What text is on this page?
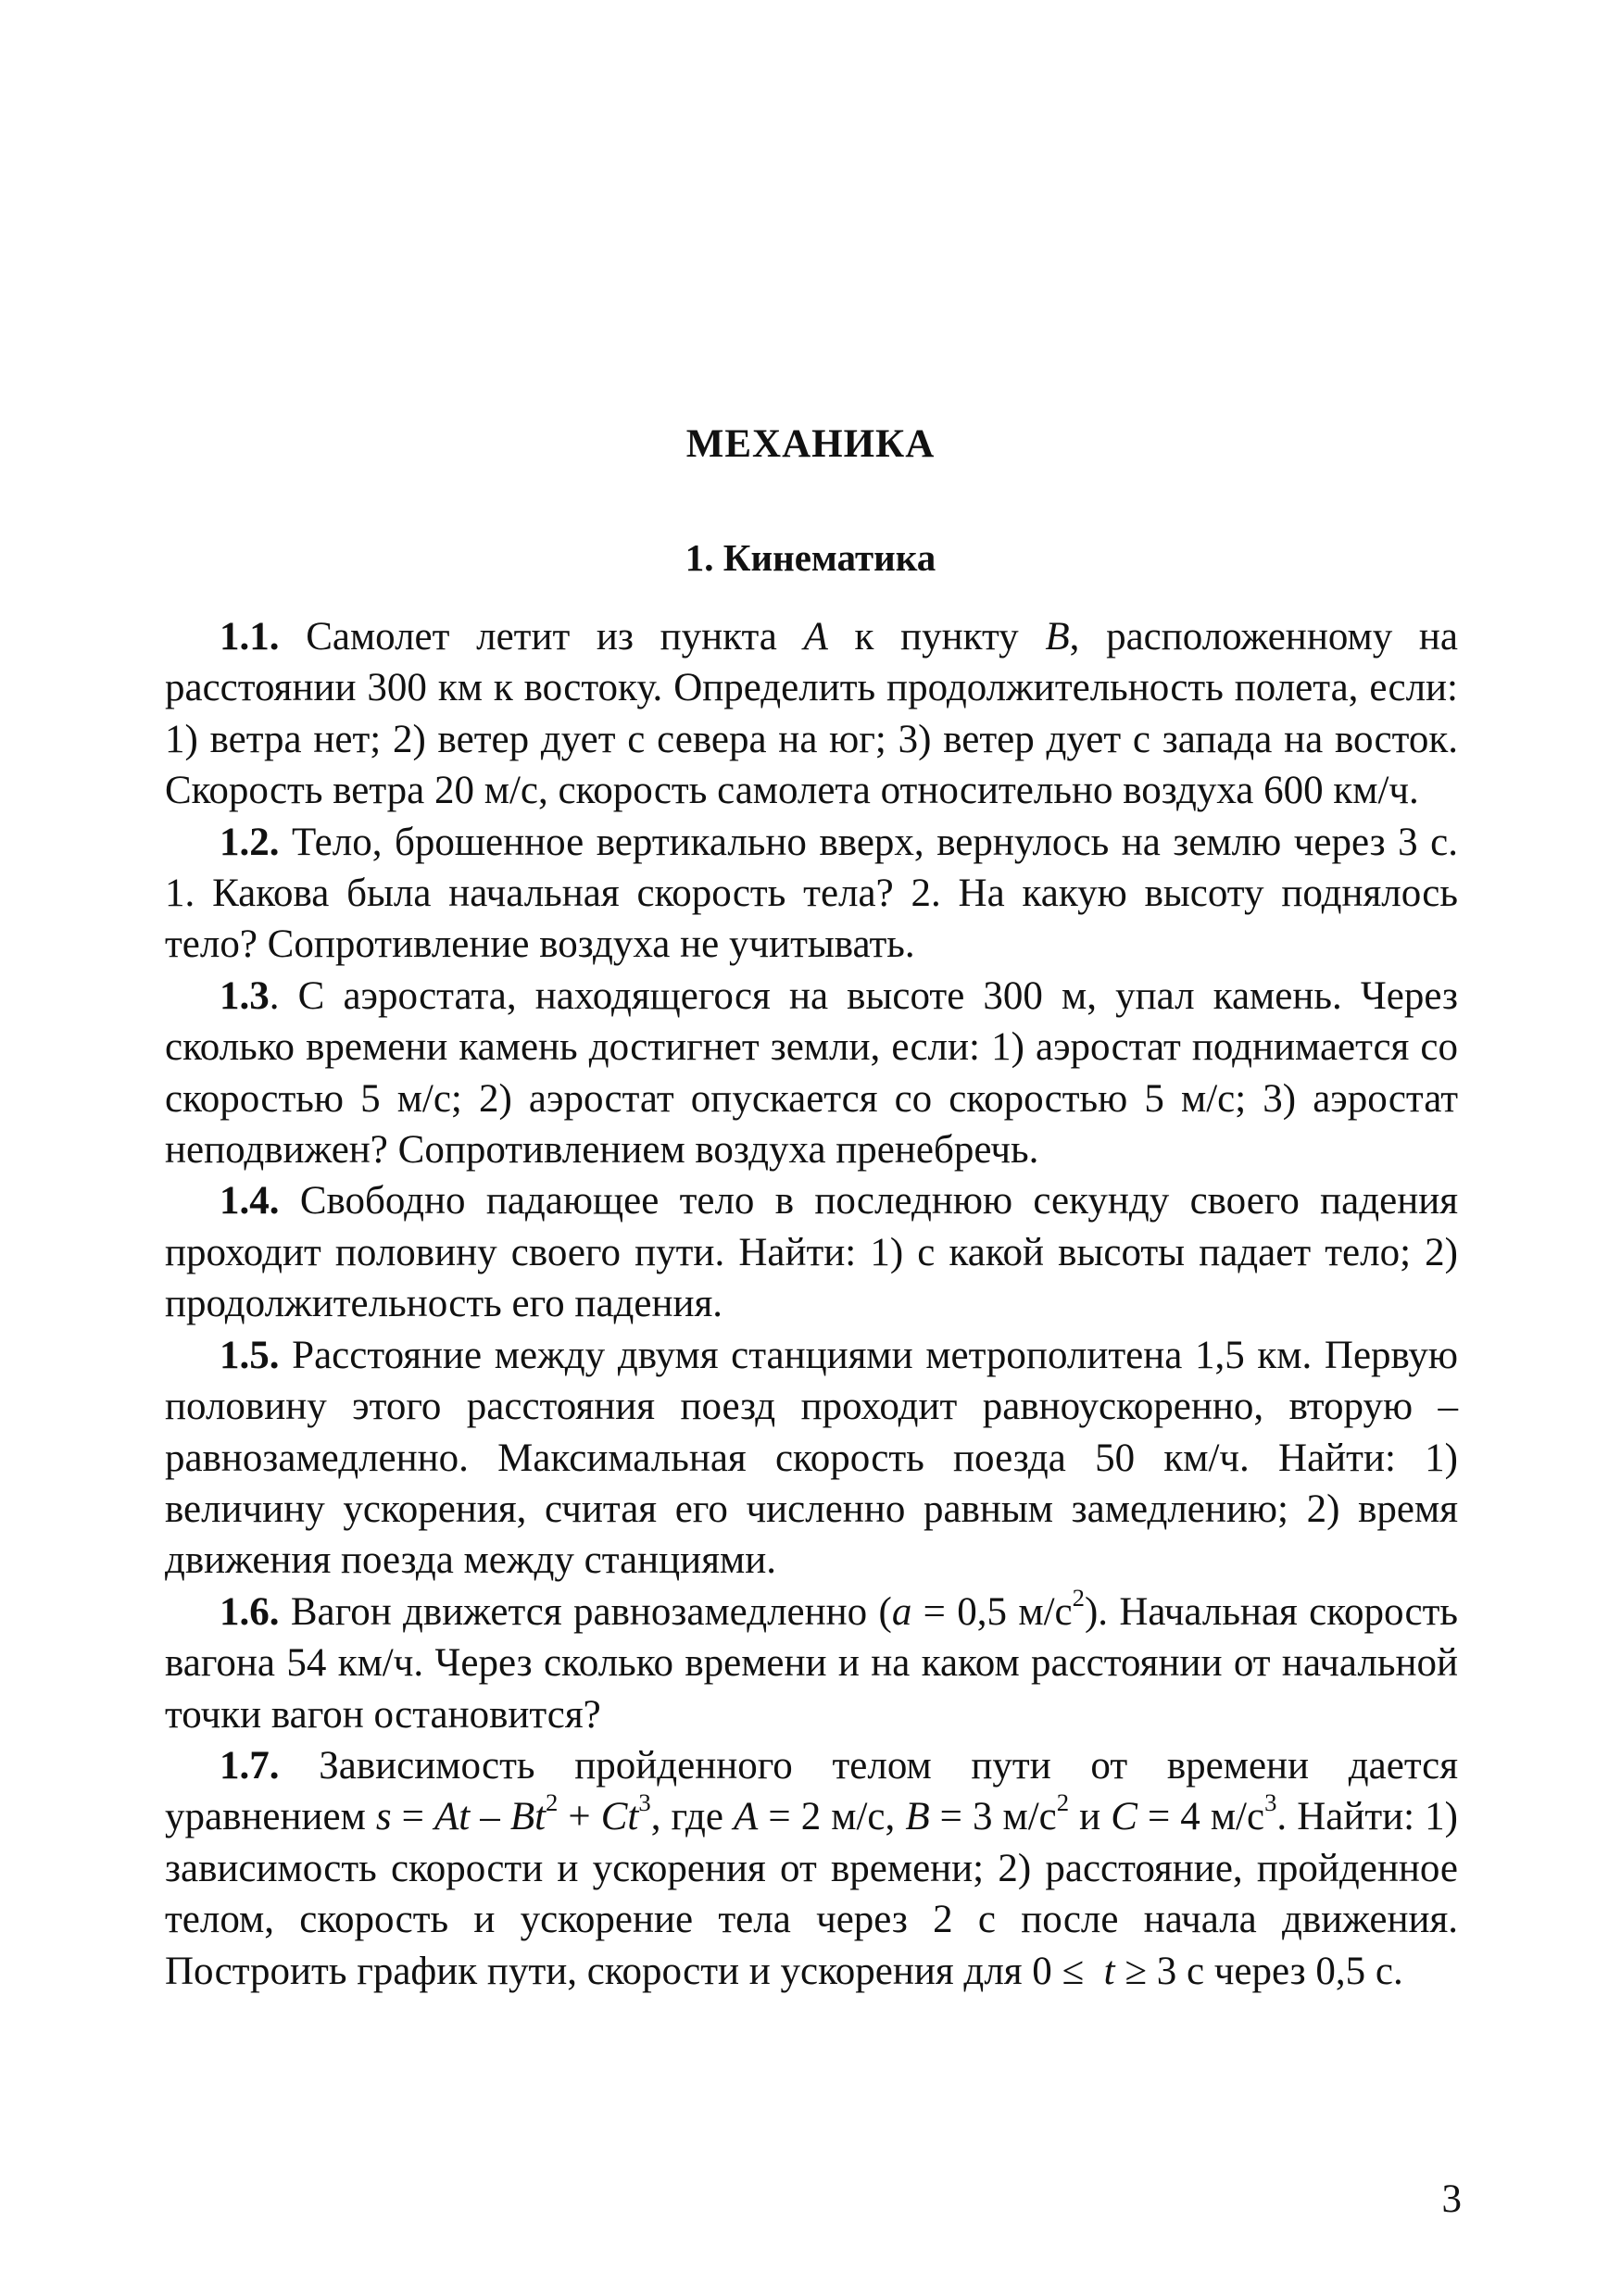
МЕХАНИКА
1. Кинематика

1.1. Самолет летит из пункта A к пункту B, расположенному на расстоянии 300 км к востоку. Определить продолжительность полета, если: 1) ветра нет; 2) ветер дует с севера на юг; 3) ветер дует с запада на восток. Скорость ветра 20 м/с, скорость самолета относительно воздуха 600 км/ч.

1.2. Тело, брошенное вертикально вверх, вернулось на землю через 3 с. 1. Какова была начальная скорость тела? 2. На какую высоту поднялось тело? Сопротивление воздуха не учитывать.

1.3. С аэростата, находящегося на высоте 300 м, упал камень. Через сколько времени камень достигнет земли, если: 1) аэростат поднимается со скоростью 5 м/с; 2) аэростат опускается со скоростью 5 м/с; 3) аэростат неподвижен? Сопротивлением воздуха пренебречь.

1.4. Свободно падающее тело в последнюю секунду своего падения проходит половину своего пути. Найти: 1) с какой высоты падает тело; 2) продолжительность его падения.

1.5. Расстояние между двумя станциями метрополитена 1,5 км. Первую половину этого расстояния поезд проходит равноускоренно, вторую – равнозамедленно. Максимальная скорость поезда 50 км/ч. Найти: 1) величину ускорения, считая его численно равным замедлению; 2) время движения поезда между станциями.

1.6. Вагон движется равнозамедленно (a = 0,5 $м/с^2$). Начальная скорость вагона 54 км/ч. Через сколько времени и на каком расстоянии от начальной точки вагон остановится?

1.7. Зависимость пройденного телом пути от времени дается уравнением $s = At - Bt^2 + Ct^3$, где A = 2 м/с, B = 3 $м/с^2$ и C = 4 $м/с^3$. Найти: 1) зависимость скорости и ускорения от времени; 2) расстояние, пройденное телом, скорость и ускорение тела через 2 с после начала движения. Построить график пути, скорости и ускорения для 0 ≤  t ≥ 3 с через 0,5 с.

3
